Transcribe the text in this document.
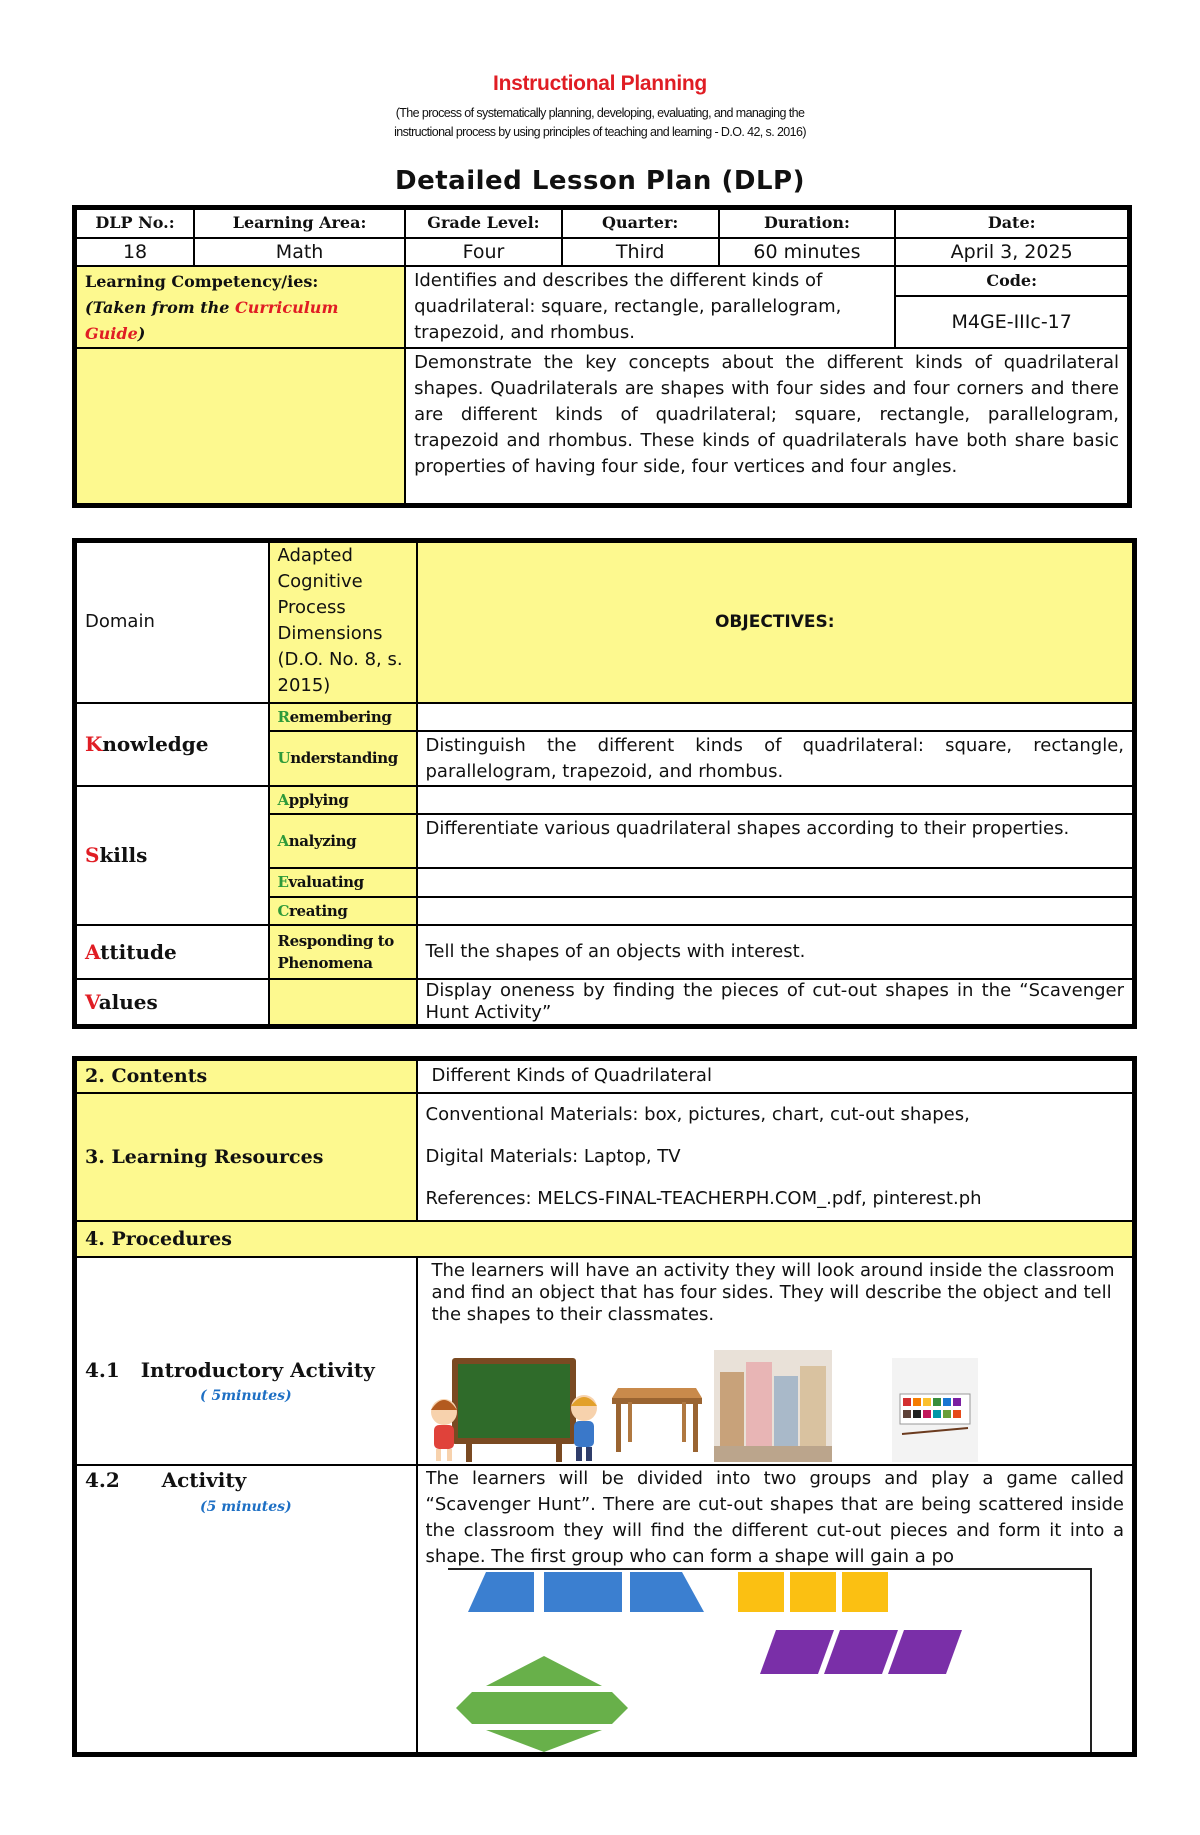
Instructional Planning
(The process of systematically planning, developing, evaluating, and managing the
instructional process by using principles of teaching and learning - D.O. 42, s. 2016)
Detailed Lesson Plan (DLP)
DLP No.:	Learning Area:	Grade Level:	Quarter:	Duration:	Date:
18	Math	Four	Third	60 minutes	April 3, 2025

Learning Competency/ies:
(Taken from the Curriculum
Guide)		Identifies and describes the different kinds of quadrilateral: square, rectangle, parallelogram, trapezoid, and rhombus.			Code:
					M4GE-IIIc-17
		Demonstrate the key concepts about the different kinds of quadrilateral shapes. Quadrilaterals are shapes with four sides and four corners and there are different kinds of quadrilateral; square, rectangle, parallelogram, trapezoid and rhombus. These kinds of quadrilaterals have both share basic properties of having four side, four vertices and four angles.			
Domain	Adapted Cognitive Process Dimensions (D.O. No. 8, s. 2015)	OBJECTIVES:
Knowledge	Remembering	
	Understanding	Distinguish the different kinds of quadrilateral: square, rectangle, parallelogram, trapezoid, and rhombus.
Skills	Applying	
	Analyzing	Differentiate various quadrilateral shapes according to their properties.
	Evaluating	
	Creating	
Attitude	Responding to
Phenomena	Tell the shapes of an objects with interest.
Values		Display oneness by finding the pieces of cut-out shapes in the “Scavenger Hunt Activity”
2. Contents	Different Kinds of Quadrilateral
3. Learning Resources	Conventional Materials: box, pictures, chart, cut-out shapes,
Digital Materials: Laptop, TV
References: MELCS-FINAL-TEACHERPH.COM_.pdf, pinterest.ph

4. Procedures	

4.1 Introductory Activity
( 5minutes)	The learners will have an activity they will look around inside the classroom and find an object that has four sides. They will describe the object and tell the shapes to their classmates.

4.2 Activity
(5 minutes)	The learners will be divided into two groups and play a game called “Scavenger Hunt”. There are cut-out shapes that are being scattered inside the classroom they will find the different cut-out pieces and form it into a shape. The first group who can form a shape will gain a po
